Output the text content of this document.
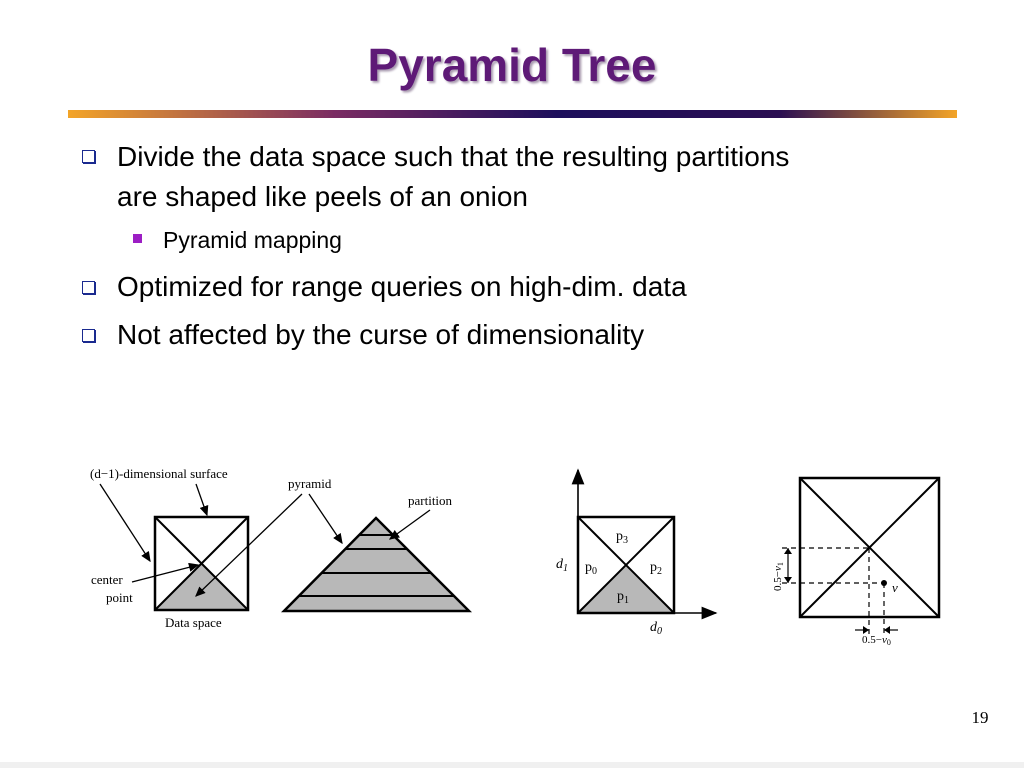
Pyramid Tree
Divide the data space such that the resulting partitions
are shaped like peels of an onion
Pyramid mapping
Optimized for range queries on high-dim. data
Not affected by the curse of dimensionality
(d−1)-dimensional surface
pyramid
partition
center
point
Data space
$p_3$
$p_0$	$p_2$
$p_1$
$d_1$
$d_0$
v
0.5−v1
0.5−v0
19
